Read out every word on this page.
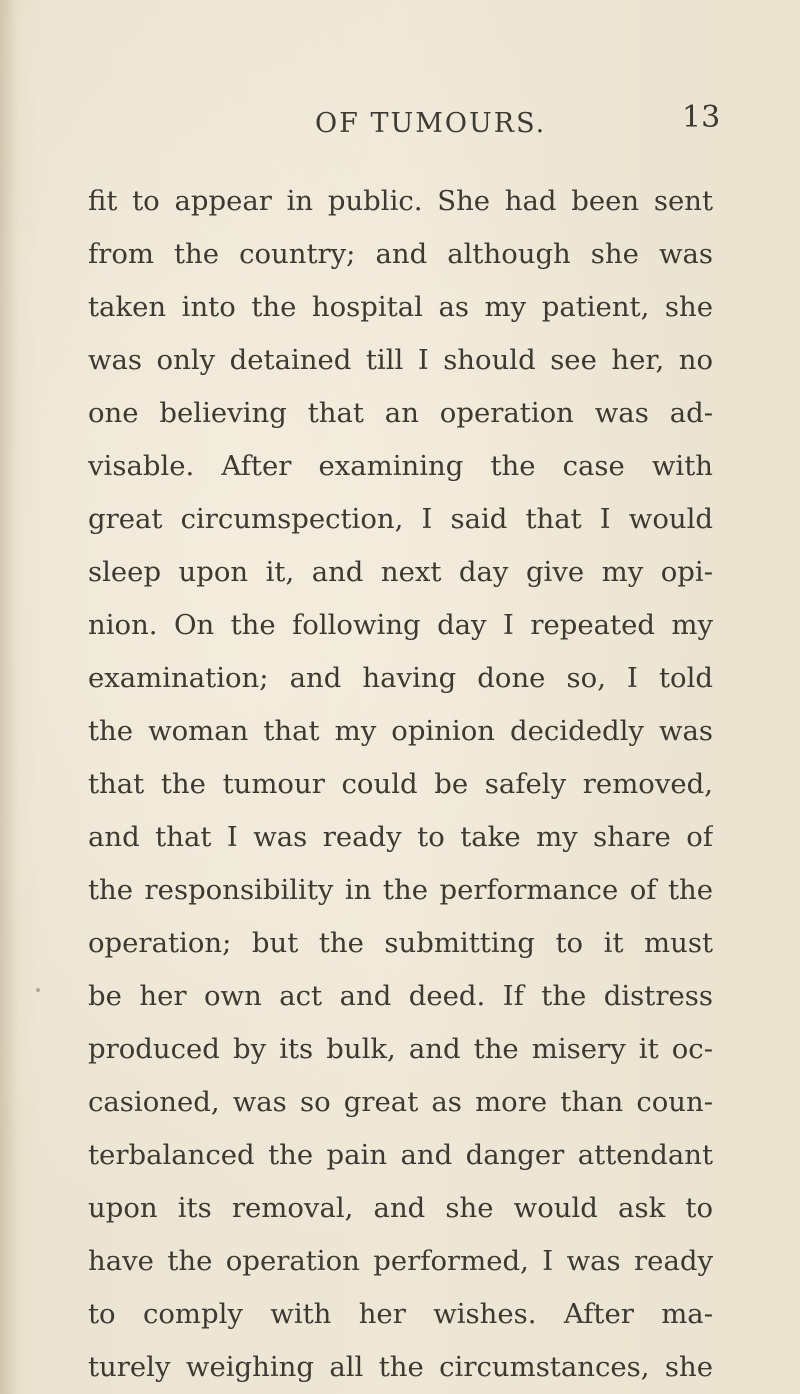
OF TUMOURS.	13
fit to appear in public. She had been sent
from the country; and although she was
taken into the hospital as my patient, she
was only detained till I should see her, no
one believing that an operation was ad-
visable. After examining the case with
great circumspection, I said that I would
sleep upon it, and next day give my opi-
nion. On the following day I repeated my
examination; and having done so, I told
the woman that my opinion decidedly was
that the tumour could be safely removed,
and that I was ready to take my share of
the responsibility in the performance of the
operation; but the submitting to it must
be her own act and deed. If the distress
produced by its bulk, and the misery it oc-
casioned, was so great as more than coun-
terbalanced the pain and danger attendant
upon its removal, and she would ask to
have the operation performed, I was ready
to comply with her wishes. After ma-
turely weighing all the circumstances, she
